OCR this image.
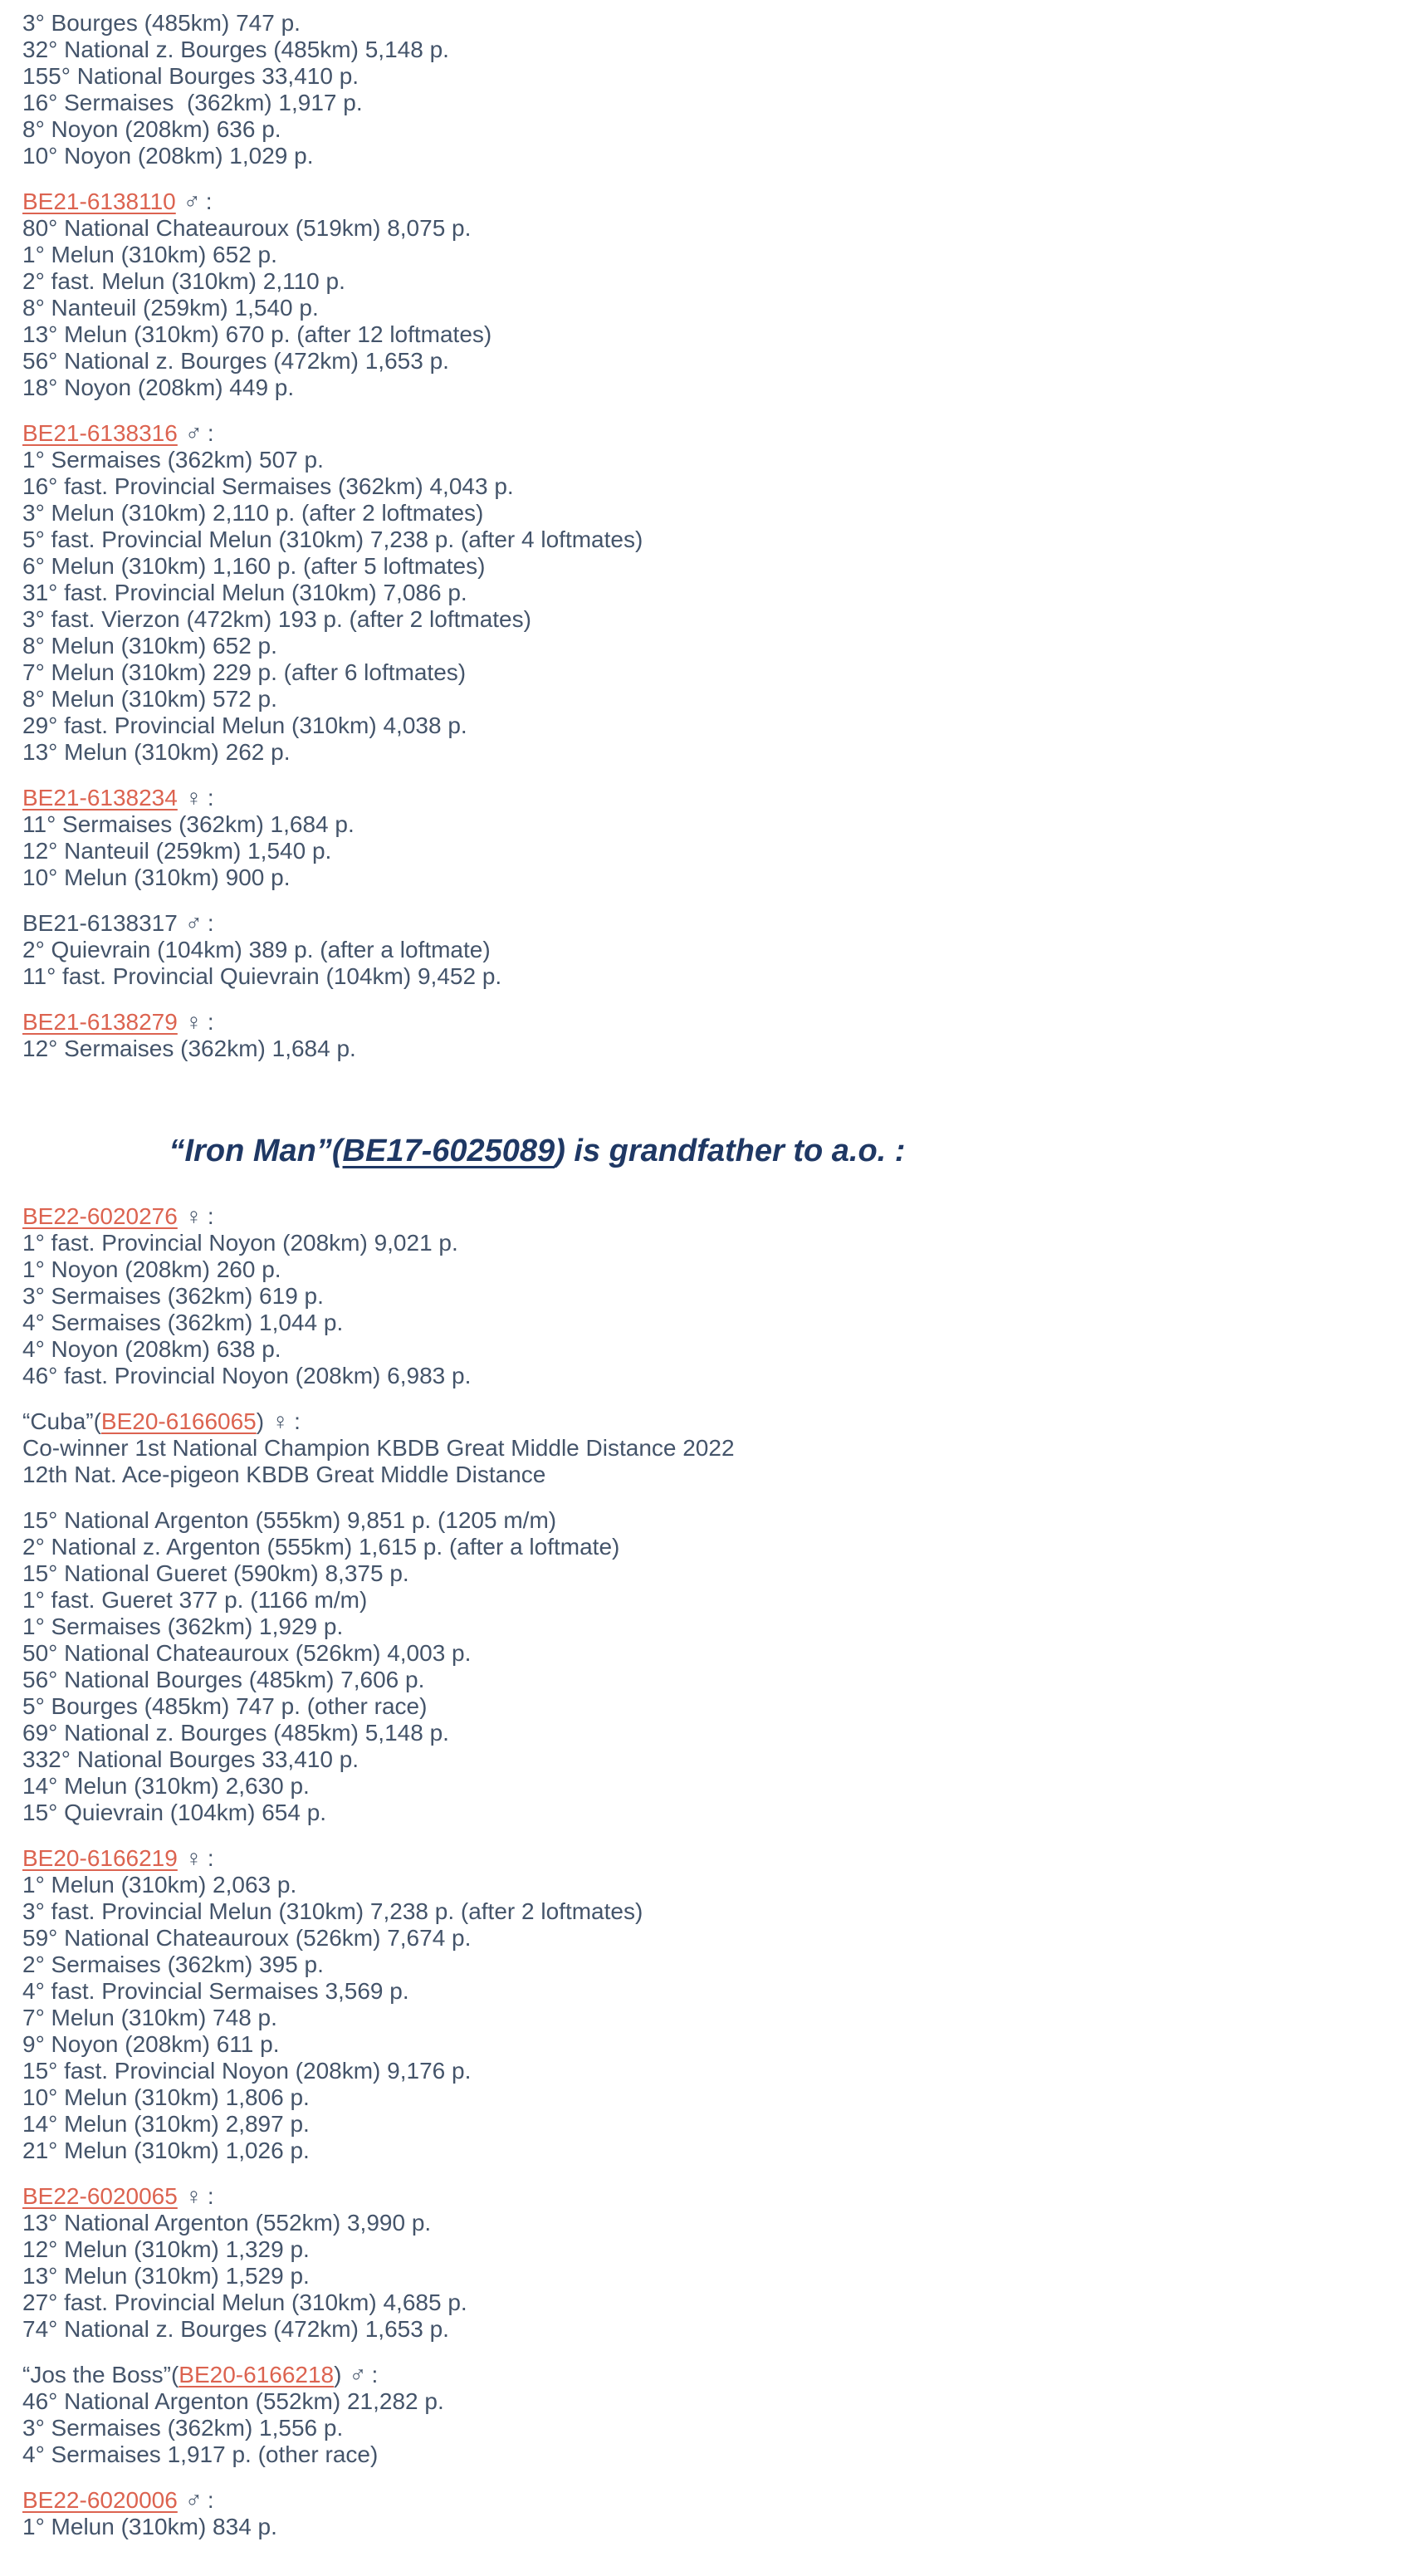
3° Bourges (485km) 747 p.
32° National z. Bourges (485km) 5,148 p.
155° National Bourges 33,410 p.
16° Sermaises  (362km) 1,917 p.
8° Noyon (208km) 636 p.
10° Noyon (208km) 1,029 p.
BE21-6138110 ♂ :
80° National Chateauroux (519km) 8,075 p.
1° Melun (310km) 652 p.
2° fast. Melun (310km) 2,110 p.
8° Nanteuil (259km) 1,540 p.
13° Melun (310km) 670 p. (after 12 loftmates)
56° National z. Bourges (472km) 1,653 p.
18° Noyon (208km) 449 p.
BE21-6138316 ♂ :
1° Sermaises (362km) 507 p.
16° fast. Provincial Sermaises (362km) 4,043 p.
3° Melun (310km) 2,110 p. (after 2 loftmates)
5° fast. Provincial Melun (310km) 7,238 p. (after 4 loftmates)
6° Melun (310km) 1,160 p. (after 5 loftmates)
31° fast. Provincial Melun (310km) 7,086 p.
3° fast. Vierzon (472km) 193 p. (after 2 loftmates)
8° Melun (310km) 652 p.
7° Melun (310km) 229 p. (after 6 loftmates)
8° Melun (310km) 572 p.
29° fast. Provincial Melun (310km) 4,038 p.
13° Melun (310km) 262 p.
BE21-6138234 ♀ :
11° Sermaises (362km) 1,684 p.
12° Nanteuil (259km) 1,540 p.
10° Melun (310km) 900 p.
BE21-6138317 ♂ :
2° Quievrain (104km) 389 p. (after a loftmate)
11° fast. Provincial Quievrain (104km) 9,452 p.
BE21-6138279 ♀ :
12° Sermaises (362km) 1,684 p.
“Iron Man”(BE17-6025089) is grandfather to a.o. :
BE22-6020276 ♀ :
1° fast. Provincial Noyon (208km) 9,021 p.
1° Noyon (208km) 260 p.
3° Sermaises (362km) 619 p.
4° Sermaises (362km) 1,044 p.
4° Noyon (208km) 638 p.
46° fast. Provincial Noyon (208km) 6,983 p.
“Cuba”(BE20-6166065) ♀ :
Co-winner 1st National Champion KBDB Great Middle Distance 2022
12th Nat. Ace-pigeon KBDB Great Middle Distance
15° National Argenton (555km) 9,851 p. (1205 m/m)
2° National z. Argenton (555km) 1,615 p. (after a loftmate)
15° National Gueret (590km) 8,375 p.
1° fast. Gueret 377 p. (1166 m/m)
1° Sermaises (362km) 1,929 p.
50° National Chateauroux (526km) 4,003 p.
56° National Bourges (485km) 7,606 p.
5° Bourges (485km) 747 p. (other race)
69° National z. Bourges (485km) 5,148 p.
332° National Bourges 33,410 p.
14° Melun (310km) 2,630 p.
15° Quievrain (104km) 654 p.
BE20-6166219 ♀ :
1° Melun (310km) 2,063 p.
3° fast. Provincial Melun (310km) 7,238 p. (after 2 loftmates)
59° National Chateauroux (526km) 7,674 p.
2° Sermaises (362km) 395 p.
4° fast. Provincial Sermaises 3,569 p.
7° Melun (310km) 748 p.
9° Noyon (208km) 611 p.
15° fast. Provincial Noyon (208km) 9,176 p.
10° Melun (310km) 1,806 p.
14° Melun (310km) 2,897 p.
21° Melun (310km) 1,026 p.
BE22-6020065 ♀ :
13° National Argenton (552km) 3,990 p.
12° Melun (310km) 1,329 p.
13° Melun (310km) 1,529 p.
27° fast. Provincial Melun (310km) 4,685 p.
74° National z. Bourges (472km) 1,653 p.
“Jos the Boss”(BE20-6166218) ♂ :
46° National Argenton (552km) 21,282 p.
3° Sermaises (362km) 1,556 p.
4° Sermaises 1,917 p. (other race)
BE22-6020006 ♂ :
1° Melun (310km) 834 p.
